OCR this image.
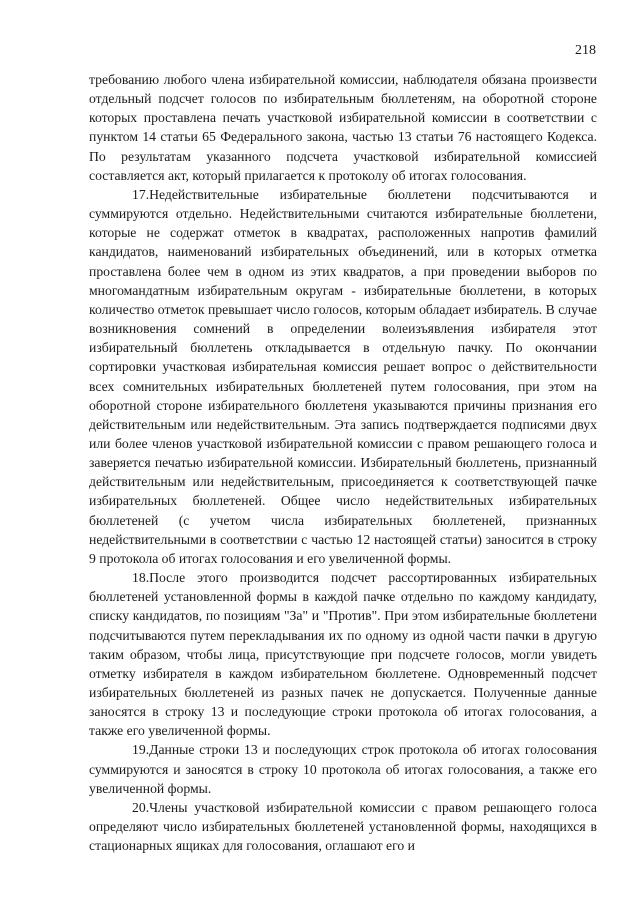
218

требованию любого члена избирательной комиссии, наблюдателя обязана произвести отдельный подсчет голосов по избирательным бюллетеням, на оборотной стороне которых проставлена печать участковой избирательной комиссии в соответствии с пунктом 14 статьи 65 Федерального закона, частью 13 статьи 76 настоящего Кодекса. По результатам указанного подсчета участковой избирательной комиссией составляется акт, который прилагается к протоколу об итогах голосования.

17.Недействительные избирательные бюллетени подсчитываются и суммируются отдельно. Недействительными считаются избирательные бюллетени, которые не содержат отметок в квадратах, расположенных напротив фамилий кандидатов, наименований избирательных объединений, или в которых отметка проставлена более чем в одном из этих квадратов, а при проведении выборов по многомандатным избирательным округам - избирательные бюллетени, в которых количество отметок превышает число голосов, которым обладает избиратель. В случае возникновения сомнений в определении волеизъявления избирателя этот избирательный бюллетень откладывается в отдельную пачку. По окончании сортировки участковая избирательная комиссия решает вопрос о действительности всех сомнительных избирательных бюллетеней путем голосования, при этом на оборотной стороне избирательного бюллетеня указываются причины признания его действительным или недействительным. Эта запись подтверждается подписями двух или более членов участковой избирательной комиссии с правом решающего голоса и заверяется печатью избирательной комиссии. Избирательный бюллетень, признанный действительным или недействительным, присоединяется к соответствующей пачке избирательных бюллетеней. Общее число недействительных избирательных бюллетеней (с учетом числа избирательных бюллетеней, признанных недействительными в соответствии с частью 12 настоящей статьи) заносится в строку 9 протокола об итогах голосования и его увеличенной формы.

18.После этого производится подсчет рассортированных избирательных бюллетеней установленной формы в каждой пачке отдельно по каждому кандидату, списку кандидатов, по позициям "За" и "Против". При этом избирательные бюллетени подсчитываются путем перекладывания их по одному из одной части пачки в другую таким образом, чтобы лица, присутствующие при подсчете голосов, могли увидеть отметку избирателя в каждом избирательном бюллетене. Одновременный подсчет избирательных бюллетеней из разных пачек не допускается. Полученные данные заносятся в строку 13 и последующие строки протокола об итогах голосования, а также его увеличенной формы.

19.Данные строки 13 и последующих строк протокола об итогах голосования суммируются и заносятся в строку 10 протокола об итогах голосования, а также его увеличенной формы.

20.Члены участковой избирательной комиссии с правом решающего голоса определяют число избирательных бюллетеней установленной формы, находящихся в стационарных ящиках для голосования, оглашают его и
